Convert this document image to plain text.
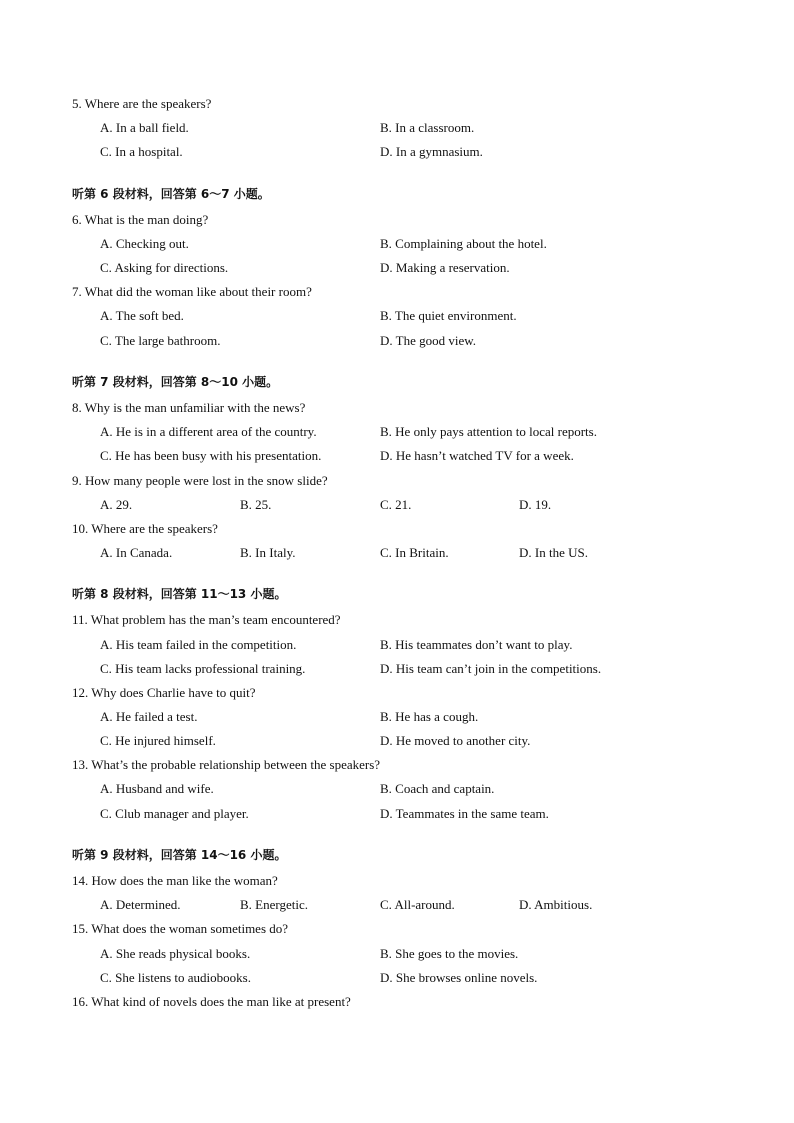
5. Where are the speakers?
A. In a ball field.	B. In a classroom.
C. In a hospital.	D. In a gymnasium.
听第 6 段材料，回答第 6～7 小题。
6. What is the man doing?
A. Checking out.	B. Complaining about the hotel.
C. Asking for directions.	D. Making a reservation.
7. What did the woman like about their room?
A. The soft bed.	B. The quiet environment.
C. The large bathroom.	D. The good view.
听第 7 段材料，回答第 8～10 小题。
8. Why is the man unfamiliar with the news?
A. He is in a different area of the country.	B. He only pays attention to local reports.
C. He has been busy with his presentation.	D. He hasn’t watched TV for a week.
9. How many people were lost in the snow slide?
A. 29.	B. 25.	C. 21.	D. 19.
10. Where are the speakers?
A. In Canada.	B. In Italy.	C. In Britain.	D. In the US.
听第 8 段材料，回答第 11～13 小题。
11. What problem has the man’s team encountered?
A. His team failed in the competition.	B. His teammates don’t want to play.
C. His team lacks professional training.	D. His team can’t join in the competitions.
12. Why does Charlie have to quit?
A. He failed a test.	B. He has a cough.
C. He injured himself.	D. He moved to another city.
13. What’s the probable relationship between the speakers?
A. Husband and wife.	B. Coach and captain.
C. Club manager and player.	D. Teammates in the same team.
听第 9 段材料，回答第 14～16 小题。
14. How does the man like the woman?
A. Determined.	B. Energetic.	C. All-around.	D. Ambitious.
15. What does the woman sometimes do?
A. She reads physical books.	B. She goes to the movies.
C. She listens to audiobooks.	D. She browses online novels.
16. What kind of novels does the man like at present?
